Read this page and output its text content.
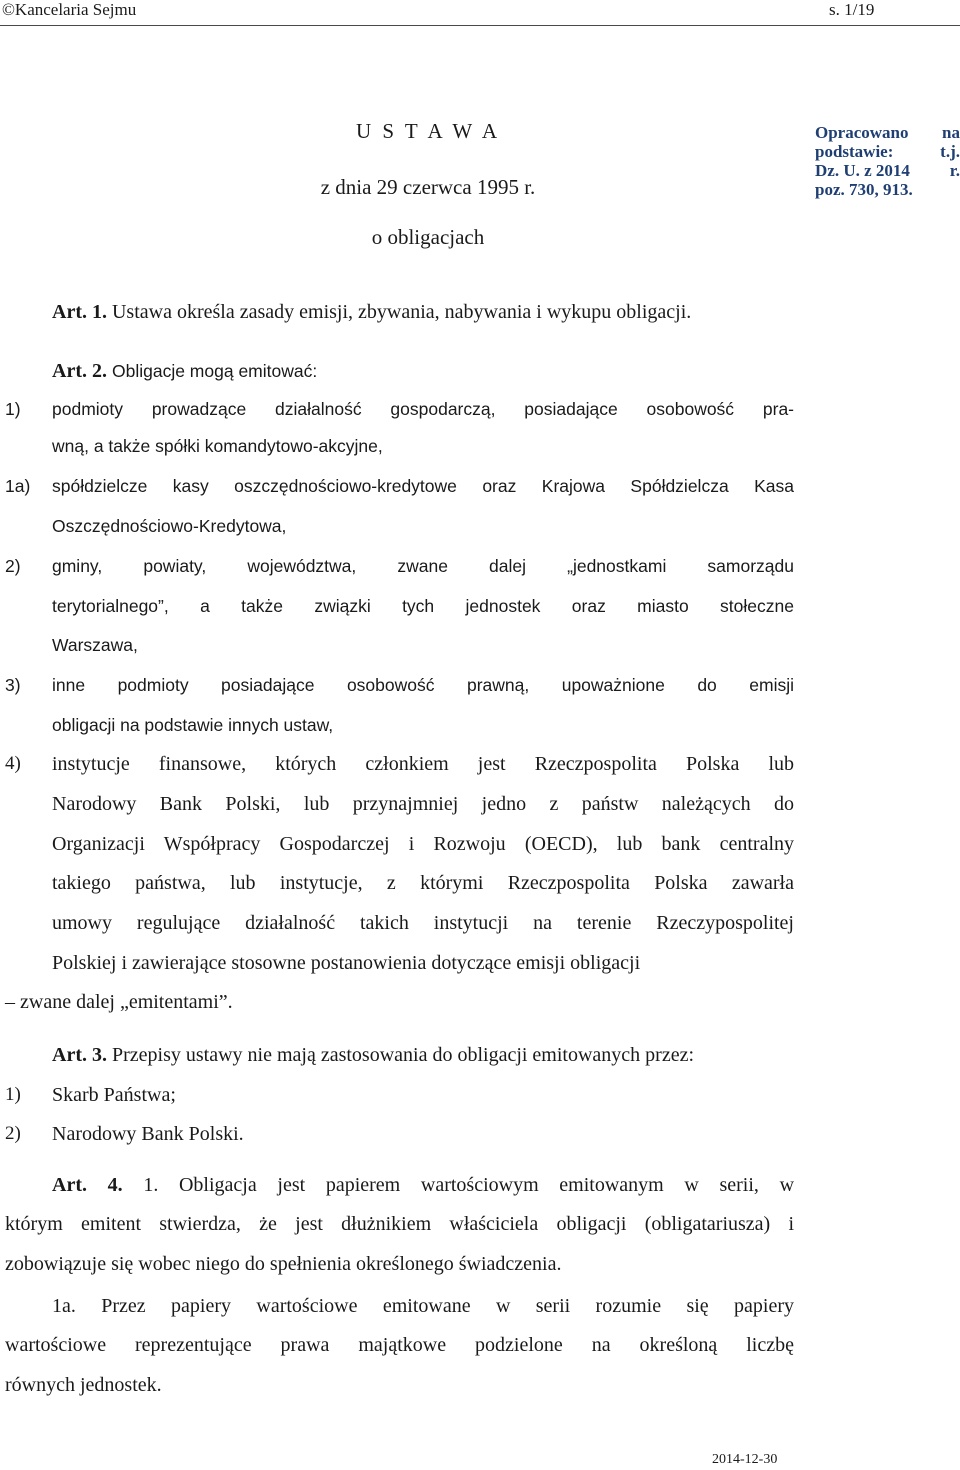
©Kancelaria Sejmu	s. 1/19
U S T A W A
z dnia 29 czerwca 1995 r.
o obligacjach
Opracowano na
podstawie:	t.j.
Dz. U. z 2014 r.
poz. 730, 913.
Art. 1. Ustawa określa zasady emisji, zbywania, nabywania i wykupu obligacji.
Art. 2. Obligacje mogą emitować:
1) podmioty prowadzące działalność gospodarczą, posiadające osobowość pra-
wną, a także spółki komandytowo-akcyjne,
1a) spółdzielcze kasy oszczędnościowo-kredytowe oraz Krajowa Spółdzielcza Kasa
Oszczędnościowo-Kredytowa,
2) gminy, powiaty, województwa, zwane dalej „jednostkami samorządu
terytorialnego”, a także związki tych jednostek oraz miasto stołeczne
Warszawa,
3) inne podmioty posiadające osobowość prawną, upoważnione do emisji
obligacji na podstawie innych ustaw,
4) instytucje finansowe, których członkiem jest Rzeczpospolita Polska lub
Narodowy Bank Polski, lub przynajmniej jedno z państw należących do
Organizacji Współpracy Gospodarczej i Rozwoju (OECD), lub bank centralny
takiego państwa, lub instytucje, z którymi Rzeczpospolita Polska zawarła
umowy regulujące działalność takich instytucji na terenie Rzeczypospolitej
Polskiej i zawierające stosowne postanowienia dotyczące emisji obligacji
– zwane dalej „emitentami”.
Art. 3. Przepisy ustawy nie mają zastosowania do obligacji emitowanych przez:
1) Skarb Państwa;
2) Narodowy Bank Polski.
Art. 4. 1. Obligacja jest papierem wartościowym emitowanym w serii, w
którym emitent stwierdza, że jest dłużnikiem właściciela obligacji (obligatariusza) i
zobowiązuje się wobec niego do spełnienia określonego świadczenia.
1a. Przez papiery wartościowe emitowane w serii rozumie się papiery
wartościowe reprezentujące prawa majątkowe podzielone na określoną liczbę
równych jednostek.
2014-12-30
